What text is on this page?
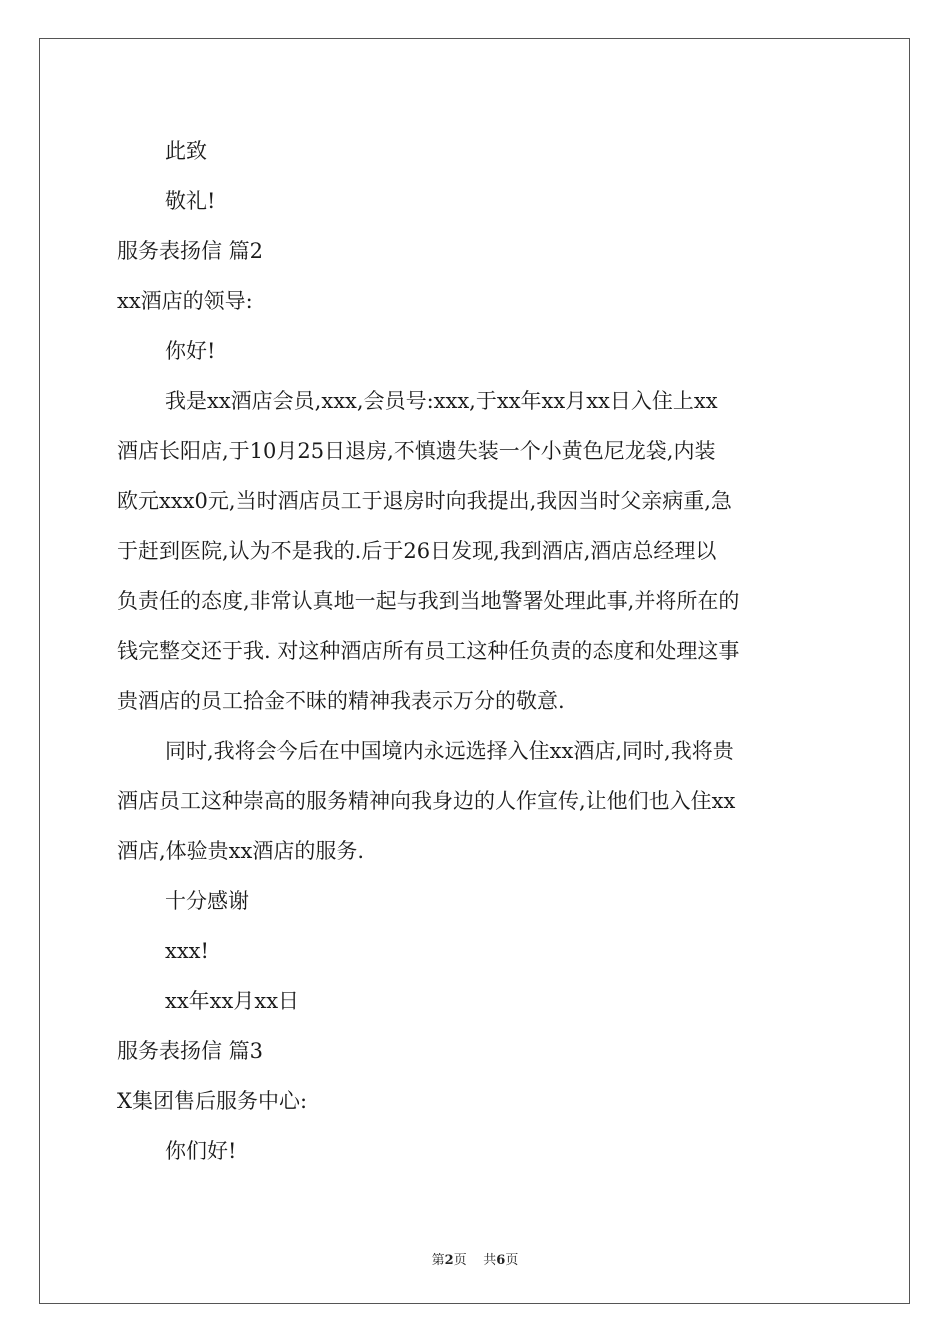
此致
敬礼!
服务表扬信 篇2
xx酒店的领导:
你好!
我是xx酒店会员,xxx,会员号:xxx,于xx年xx月xx日入住上xx
酒店长阳店,于10月25日退房,不慎遗失装一个小黄色尼龙袋,内装
欧元xxx0元,当时酒店员工于退房时向我提出,我因当时父亲病重,急
于赶到医院,认为不是我的.后于26日发现,我到酒店,酒店总经理以
负责任的态度,非常认真地一起与我到当地警署处理此事,并将所在的
钱完整交还于我. 对这种酒店所有员工这种任负责的态度和处理这事
贵酒店的员工拾金不昧的精神我表示万分的敬意.
同时,我将会今后在中国境内永远选择入住xx酒店,同时,我将贵
酒店员工这种崇高的服务精神向我身边的人作宣传,让他们也入住xx
酒店,体验贵xx酒店的服务.
十分感谢
xxx!
xx年xx月xx日
服务表扬信 篇3
X集团售后服务中心:
你们好!
第2页 共6页
